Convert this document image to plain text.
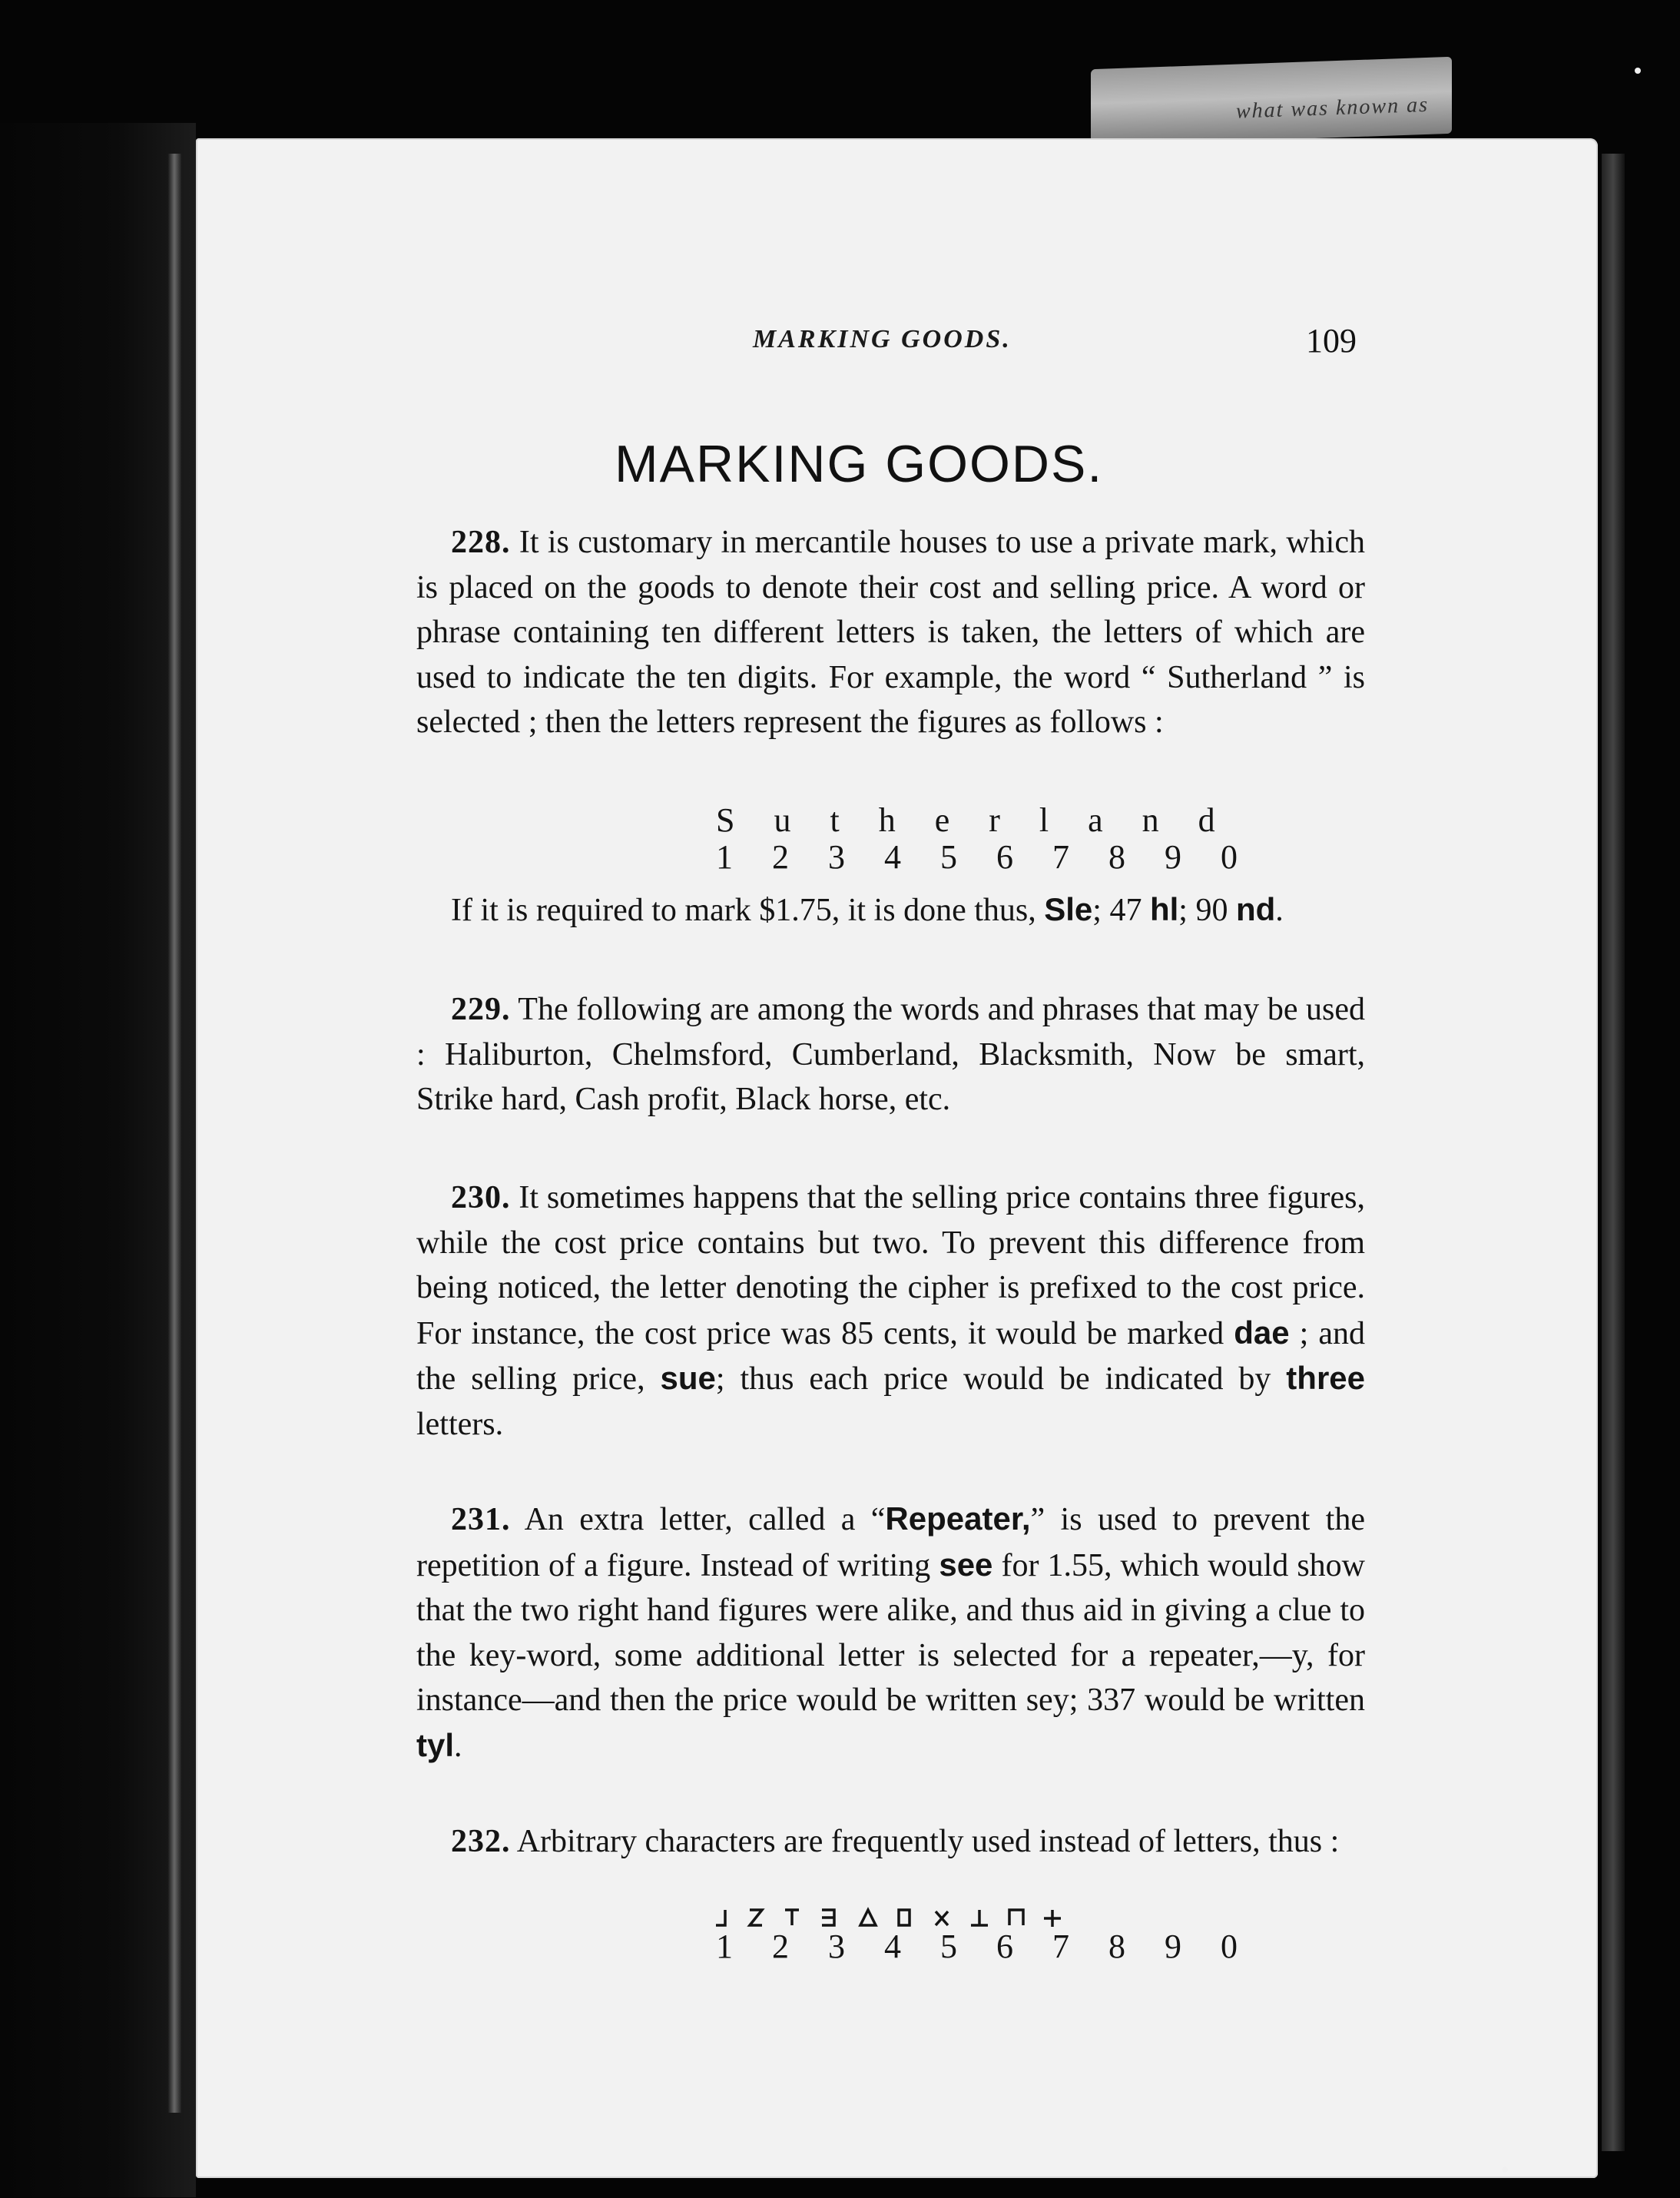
what was known as
MARKING GOODS.	109
MARKING GOODS.
228. It is customary in mercantile houses to use a private mark, which is placed on the goods to denote their cost and selling price. A word or phrase containing ten different letters is taken, the letters of which are used to indicate the ten digits. For example, the word “ Sutherland ” is selected ; then the letters represent the figures as follows :
S u t h e r l a n d
1 2 3 4 5 6 7 8 9 0
If it is required to mark $1.75, it is done thus, Sle; 47 hl; 90 nd.
229. The following are among the words and phrases that may be used : Haliburton, Chelmsford, Cumberland, Blacksmith, Now be smart, Strike hard, Cash profit, Black horse, etc.
230. It sometimes happens that the selling price contains three figures, while the cost price contains but two. To prevent this difference from being noticed, the letter denoting the cipher is prefixed to the cost price. For instance, the cost price was 85 cents, it would be marked dae ; and the selling price, sue; thus each price would be indicated by three letters.
231. An extra letter, called a “Repeater,” is used to prevent the repetition of a figure. Instead of writing see for 1.55, which would show that the two right hand figures were alike, and thus aid in giving a clue to the key-word, some additional letter is selected for a repeater,—y, for instance—and then the price would be written sey; 337 would be written tyl.
232. Arbitrary characters are frequently used instead of letters, thus :
1 2 3 4 5 6 7 8 9 0
